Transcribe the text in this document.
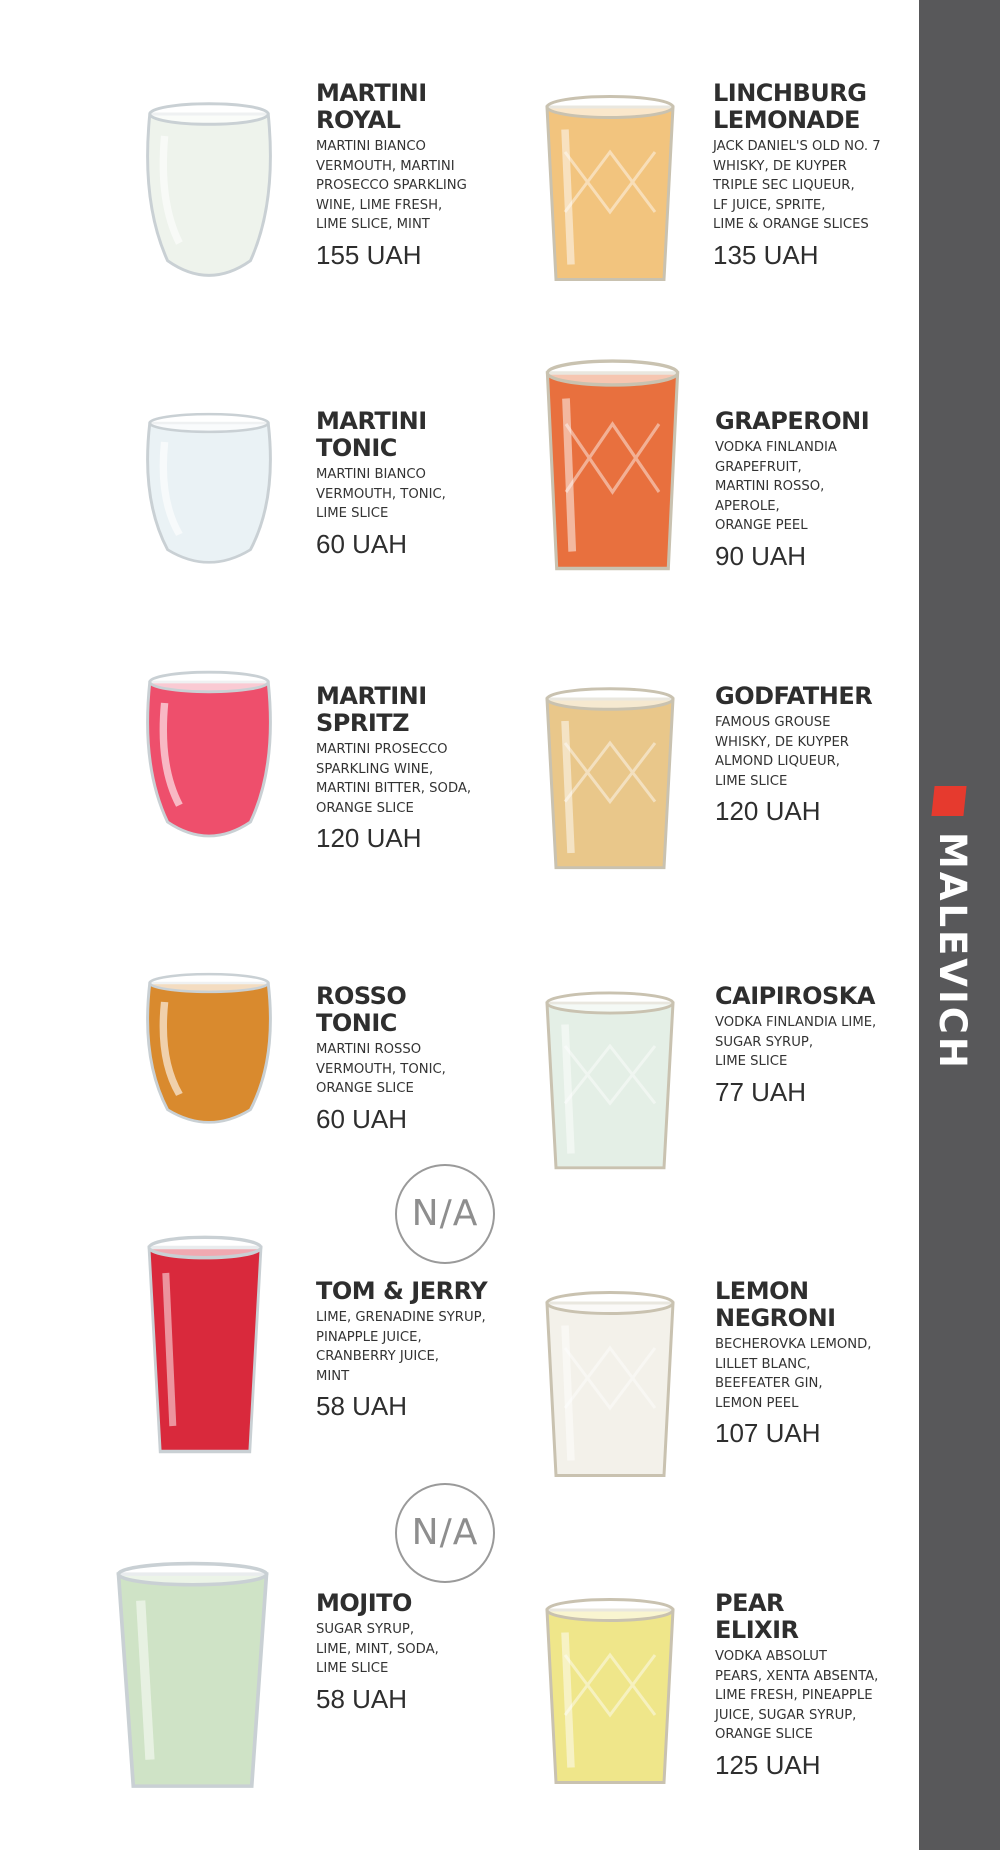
MALEVICH
MARTINI
ROYAL
MARTINI BIANCO
VERMOUTH, MARTINI
PROSECCO SPARKLING
WINE, LIME FRESH,
LIME SLICE, MINT
155 UAH
LINCHBURG
LEMONADE
JACK DANIEL'S OLD NO. 7
WHISKY, DE KUYPER
TRIPLE SEC LIQUEUR,
LF JUICE, SPRITE,
LIME & ORANGE SLICES
135 UAH
MARTINI
TONIC
MARTINI BIANCO
VERMOUTH, TONIC,
LIME SLICE
60 UAH
GRAPERONI
VODKA FINLANDIA
GRAPEFRUIT,
MARTINI ROSSO,
APEROLE,
ORANGE PEEL
90 UAH
MARTINI
SPRITZ
MARTINI PROSECCO
SPARKLING WINE,
MARTINI BITTER, SODA,
ORANGE SLICE
120 UAH
GODFATHER
FAMOUS GROUSE
WHISKY, DE KUYPER
ALMOND LIQUEUR,
LIME SLICE
120 UAH
ROSSO
TONIC
MARTINI ROSSO
VERMOUTH, TONIC,
ORANGE SLICE
60 UAH
CAIPIROSKA
VODKA FINLANDIA LIME,
SUGAR SYRUP,
LIME SLICE
77 UAH
TOM & JERRY
LIME, GRENADINE SYRUP,
PINAPPLE JUICE,
CRANBERRY JUICE,
MINT
58 UAH
LEMON
NEGRONI
BECHEROVKA LEMOND,
LILLET BLANC,
BEEFEATER GIN,
LEMON PEEL
107 UAH
MOJITO
SUGAR SYRUP,
LIME, MINT, SODA,
LIME SLICE
58 UAH
PEAR
ELIXIR
VODKA ABSOLUT
PEARS, XENTA ABSENTA,
LIME FRESH, PINEAPPLE
JUICE, SUGAR SYRUP,
ORANGE SLICE
125 UAH
N/A
N/A
